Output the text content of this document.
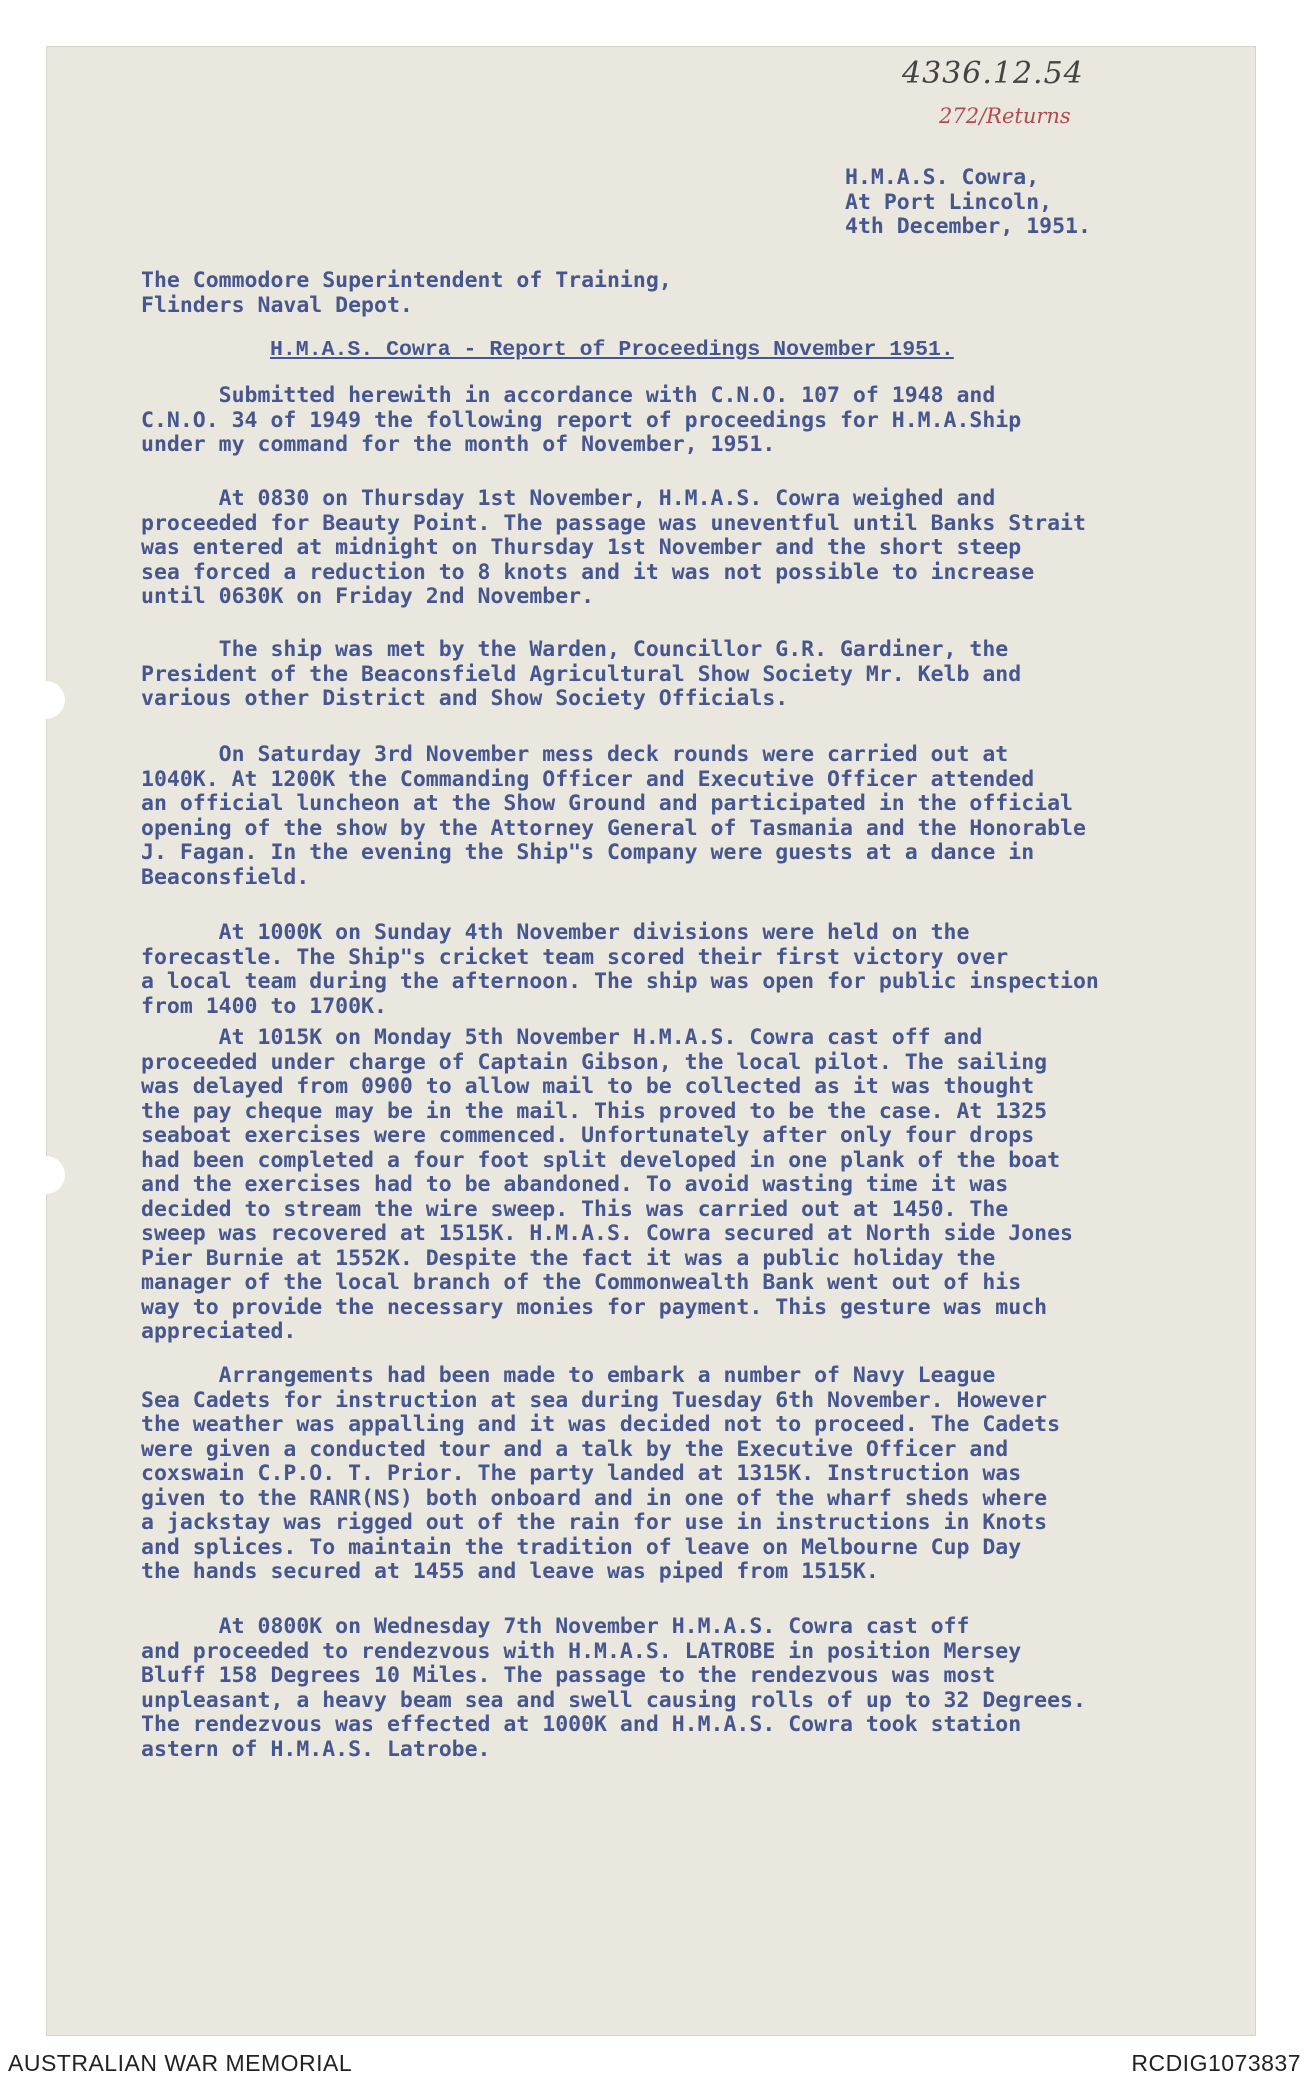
4336.12.54
272/Returns
H.M.A.S. Cowra,
At Port Lincoln,
4th December, 1951.
The Commodore Superintendent of Training,
Flinders Naval Depot.
H.M.A.S. Cowra - Report of Proceedings November 1951.
Submitted herewith in accordance with C.N.O. 107 of 1948 and
C.N.O. 34 of 1949 the following report of proceedings for H.M.A.Ship
under my command for the month of November, 1951.
At 0830 on Thursday 1st November, H.M.A.S. Cowra weighed and
proceeded for Beauty Point. The passage was uneventful until Banks Strait
was entered at midnight on Thursday 1st November and the short steep
sea forced a reduction to 8 knots and it was not possible to increase
until 0630K on Friday 2nd November.
The ship was met by the Warden, Councillor G.R. Gardiner, the
President of the Beaconsfield Agricultural Show Society Mr. Kelb and
various other District and Show Society Officials.
On Saturday 3rd November mess deck rounds were carried out at
1040K. At 1200K the Commanding Officer and Executive Officer attended
an official luncheon at the Show Ground and participated in the official
opening of the show by the Attorney General of Tasmania and the Honorable
J. Fagan. In the evening the Ship"s Company were guests at a dance in
Beaconsfield.
At 1000K on Sunday 4th November divisions were held on the
forecastle. The Ship"s cricket team scored their first victory over
a local team during the afternoon. The ship was open for public inspection
from 1400 to 1700K.
At 1015K on Monday 5th November H.M.A.S. Cowra cast off and
proceeded under charge of Captain Gibson, the local pilot. The sailing
was delayed from 0900 to allow mail to be collected as it was thought
the pay cheque may be in the mail. This proved to be the case. At 1325
seaboat exercises were commenced. Unfortunately after only four drops
had been completed a four foot split developed in one plank of the boat
and the exercises had to be abandoned. To avoid wasting time it was
decided to stream the wire sweep. This was carried out at 1450. The
sweep was recovered at 1515K. H.M.A.S. Cowra secured at North side Jones
Pier Burnie at 1552K. Despite the fact it was a public holiday the
manager of the local branch of the Commonwealth Bank went out of his
way to provide the necessary monies for payment. This gesture was much
appreciated.
Arrangements had been made to embark a number of Navy League
Sea Cadets for instruction at sea during Tuesday 6th November. However
the weather was appalling and it was decided not to proceed. The Cadets
were given a conducted tour and a talk by the Executive Officer and
coxswain C.P.O. T. Prior. The party landed at 1315K. Instruction was
given to the RANR(NS) both onboard and in one of the wharf sheds where
a jackstay was rigged out of the rain for use in instructions in Knots
and splices. To maintain the tradition of leave on Melbourne Cup Day
the hands secured at 1455 and leave was piped from 1515K.
At 0800K on Wednesday 7th November H.M.A.S. Cowra cast off
and proceeded to rendezvous with H.M.A.S. LATROBE in position Mersey
Bluff 158 Degrees 10 Miles. The passage to the rendezvous was most
unpleasant, a heavy beam sea and swell causing rolls of up to 32 Degrees.
The rendezvous was effected at 1000K and H.M.A.S. Cowra took station
astern of H.M.A.S. Latrobe.
AUSTRALIAN WAR MEMORIAL	RCDIG1073837
